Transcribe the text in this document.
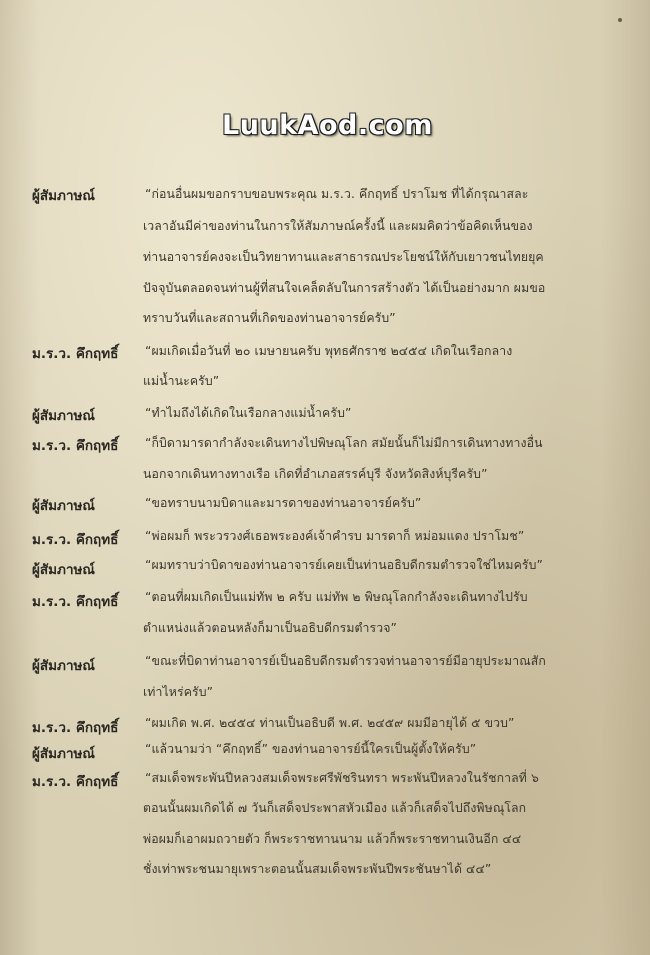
LuukAod.com
ผู้สัมภาษณ์	“ก่อนอื่นผมขอกราบขอบพระคุณ ม.ร.ว. คึกฤทธิ์ ปราโมช ที่ได้กรุณาสละ
เวลาอันมีค่าของท่านในการให้สัมภาษณ์ครั้งนี้ และผมคิดว่าข้อคิดเห็นของ
ท่านอาจารย์คงจะเป็นวิทยาทานและสาธารณประโยชน์ให้กับเยาวชนไทยยุค
ปัจจุบันตลอดจนท่านผู้ที่สนใจเคล็ดลับในการสร้างตัว ได้เป็นอย่างมาก ผมขอ
ทราบวันที่และสถานที่เกิดของท่านอาจารย์ครับ”
ม.ร.ว. คึกฤทธิ์ “ผมเกิดเมื่อวันที่ ๒๐ เมษายนครับ พุทธศักราช ๒๔๕๔ เกิดในเรือกลาง
แม่น้ำนะครับ”
ผู้สัมภาษณ์	“ทำไมถึงได้เกิดในเรือกลางแม่น้ำครับ”
ม.ร.ว. คึกฤทธิ์ “ก็บิดามารดากำลังจะเดินทางไปพิษณุโลก สมัยนั้นก็ไม่มีการเดินทางทางอื่น
นอกจากเดินทางทางเรือ เกิดที่อำเภอสรรค์บุรี จังหวัดสิงห์บุรีครับ”
ผู้สัมภาษณ์	“ขอทราบนามบิดาและมารดาของท่านอาจารย์ครับ”
ม.ร.ว. คึกฤทธิ์ “พ่อผมก็ พระวรวงศ์เธอพระองค์เจ้าคำรบ มารดาก็ หม่อมแดง ปราโมช”
ผู้สัมภาษณ์	“ผมทราบว่าบิดาของท่านอาจารย์เคยเป็นท่านอธิบดีกรมตำรวจใช่ไหมครับ”
ม.ร.ว. คึกฤทธิ์ “ตอนที่ผมเกิดเป็นแม่ทัพ ๒ ครับ แม่ทัพ ๒ พิษณุโลกกำลังจะเดินทางไปรับ
ตำแหน่งแล้วตอนหลังก็มาเป็นอธิบดีกรมตำรวจ”
ผู้สัมภาษณ์	“ขณะที่บิดาท่านอาจารย์เป็นอธิบดีกรมตำรวจท่านอาจารย์มีอายุประมาณสัก
เท่าไหร่ครับ”
ม.ร.ว. คึกฤทธิ์ “ผมเกิด พ.ศ. ๒๔๕๔ ท่านเป็นอธิบดี พ.ศ. ๒๔๕๙ ผมมีอายุได้ ๕ ขวบ”
ผู้สัมภาษณ์	“แล้วนามว่า “คึกฤทธิ์” ของท่านอาจารย์นี้ใครเป็นผู้ตั้งให้ครับ”
ม.ร.ว. คึกฤทธิ์ “สมเด็จพระพันปีหลวงสมเด็จพระศรีพัชรินทรา พระพันปีหลวงในรัชกาลที่ ๖
ตอนนั้นผมเกิดได้ ๗ วันก็เสด็จประพาสหัวเมือง แล้วก็เสด็จไปถึงพิษณุโลก
พ่อผมก็เอาผมถวายตัว ก็พระราชทานนาม แล้วก็พระราชทานเงินอีก ๔๔
ชั่งเท่าพระชนมายุเพราะตอนนั้นสมเด็จพระพันปีพระชันษาได้ ๔๔”
